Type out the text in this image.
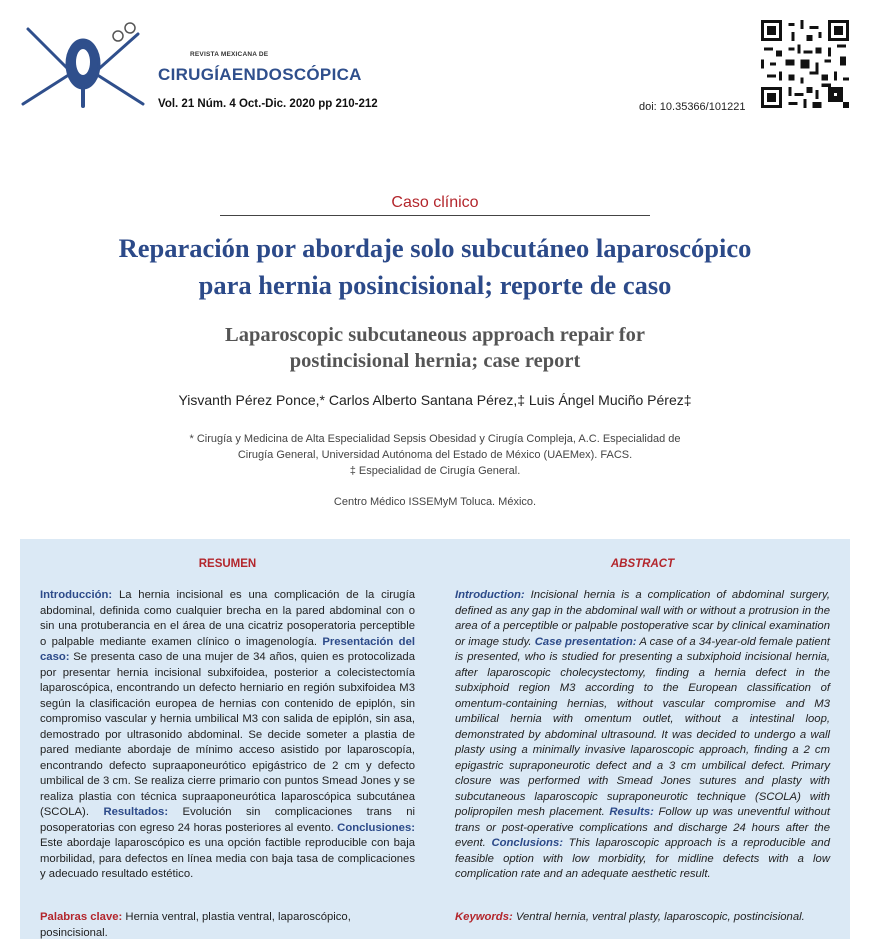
REVISTA MEXICANA DE
CIRUGÍAENDOSCÓPICA
Vol. 21 Núm. 4 Oct.-Dic. 2020 pp 210-212	doi: 10.35366/101221
Caso clínico
Reparación por abordaje solo subcutáneo laparoscópico
para hernia posincisional; reporte de caso
Laparoscopic subcutaneous approach repair for
postincisional hernia; case report
Yisvanth Pérez Ponce,* Carlos Alberto Santana Pérez,‡ Luis Ángel Muciño Pérez‡
* Cirugía y Medicina de Alta Especialidad Sepsis Obesidad y Cirugía Compleja, A.C. Especialidad de
Cirugía General, Universidad Autónoma del Estado de México (UAEMex). FACS.
‡ Especialidad de Cirugía General.
Centro Médico ISSEMyM Toluca. México.
RESUMEN	ABSTRACT
Introducción: La hernia incisional es una complicación de la cirugía abdominal, definida como cualquier brecha en la pared abdominal con o sin una protuberancia en el área de una cicatriz posoperatoria perceptible o palpable mediante examen clínico o imagenología. Presentación del caso: Se presenta caso de una mujer de 34 años, quien es protocolizada por presentar hernia incisional subxifoidea, posterior a colecistectomía laparoscópica, encontrando un defecto herniario en región subxifoidea M3 según la clasificación europea de hernias con contenido de epiplón, sin compromiso vascular y hernia umbilical M3 con salida de epiplón, sin asa, demostrado por ultrasonido abdominal. Se decide someter a plastia de pared mediante abordaje de mínimo acceso asistido por laparoscopía, encontrando defecto supraaponeurótico epigástrico de 2 cm y defecto umbilical de 3 cm. Se realiza cierre primario con puntos Smead Jones y se realiza plastia con técnica supraaponeurótica laparoscópica subcutánea (SCOLA). Resultados: Evolución sin complicaciones trans ni posoperatorias con egreso 24 horas posteriores al evento. Conclusiones: Este abordaje laparoscópico es una opción factible reproducible con baja morbilidad, para defectos en línea media con baja tasa de complicaciones y adecuado resultado estético.
Introduction: Incisional hernia is a complication of abdominal surgery, defined as any gap in the abdominal wall with or without a protrusion in the area of a perceptible or palpable postoperative scar by clinical examination or image study. Case presentation: A case of a 34-year-old female patient is presented, who is studied for presenting a subxiphoid incisional hernia, after laparoscopic cholecystectomy, finding a hernia defect in the subxiphoid region M3 according to the European classification of omentum-containing hernias, without vascular compromise and M3 umbilical hernia with omentum outlet, without a intestinal loop, demonstrated by abdominal ultrasound. It was decided to undergo a wall plasty using a minimally invasive laparoscopic approach, finding a 2 cm epigastric supraponeurotic defect and a 3 cm umbilical defect. Primary closure was performed with Smead Jones sutures and plasty with subcutaneous laparoscopic supraponeurotic technique (SCOLA) with polipropilen mesh placement. Results: Follow up was uneventful without trans or post-operative complications and discharge 24 hours after the event. Conclusions: This laparoscopic approach is a reproducible and feasible option with low morbidity, for midline defects with a low complication rate and an adequate aesthetic result.
Palabras clave: Hernia ventral, plastia ventral, laparoscópico, posincisional.
Keywords: Ventral hernia, ventral plasty, laparoscopic, postincisional.
